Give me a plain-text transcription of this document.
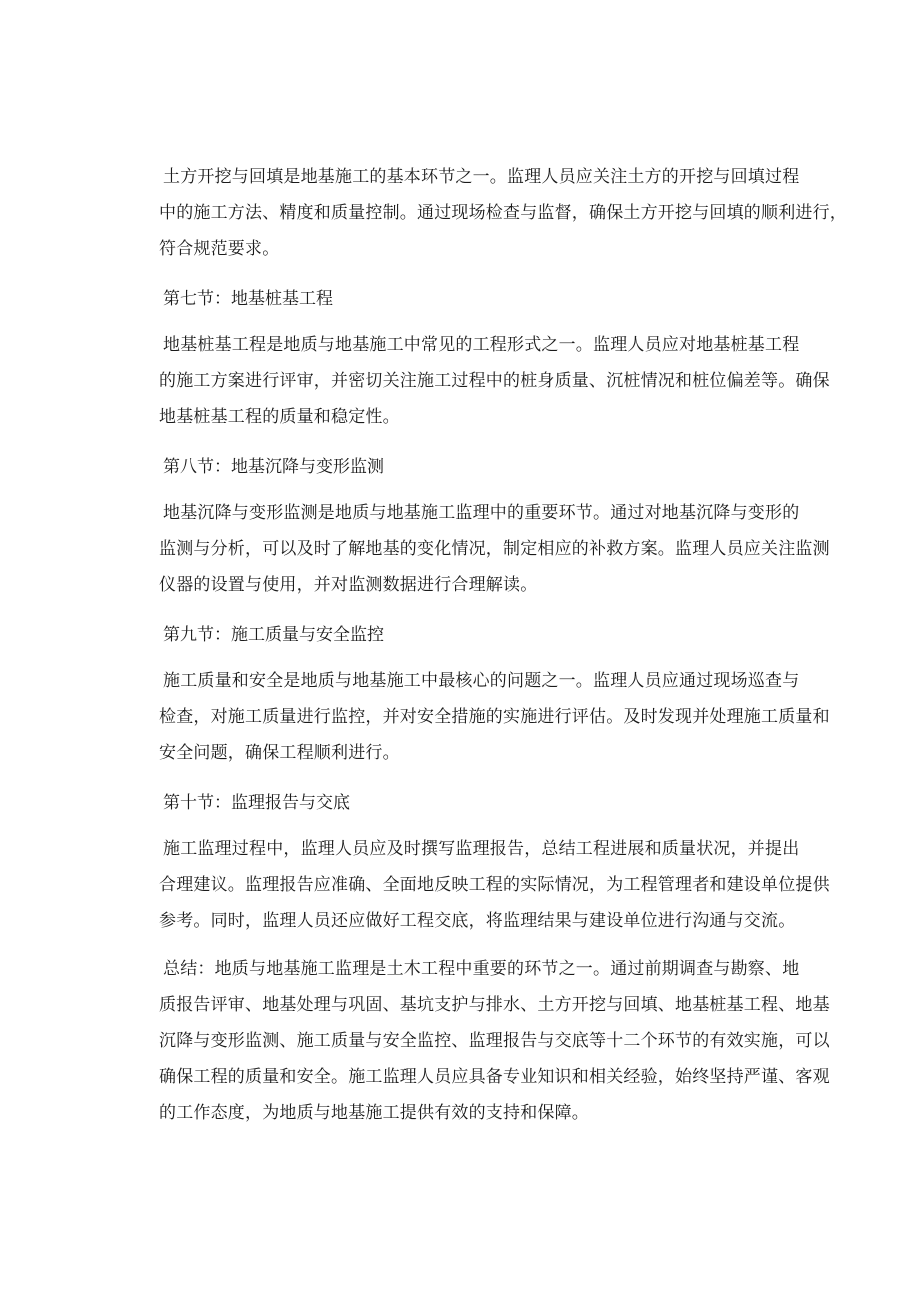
土方开挖与回填是地基施工的基本环节之一。监理人员应关注土方的开挖与回填过程
中的施工方法、精度和质量控制。通过现场检查与监督，确保土方开挖与回填的顺利进行，
符合规范要求。

第七节：地基桩基工程

地基桩基工程是地质与地基施工中常见的工程形式之一。监理人员应对地基桩基工程
的施工方案进行评审，并密切关注施工过程中的桩身质量、沉桩情况和桩位偏差等。确保
地基桩基工程的质量和稳定性。

第八节：地基沉降与变形监测

地基沉降与变形监测是地质与地基施工监理中的重要环节。通过对地基沉降与变形的
监测与分析，可以及时了解地基的变化情况，制定相应的补救方案。监理人员应关注监测
仪器的设置与使用，并对监测数据进行合理解读。

第九节：施工质量与安全监控

施工质量和安全是地质与地基施工中最核心的问题之一。监理人员应通过现场巡查与
检查，对施工质量进行监控，并对安全措施的实施进行评估。及时发现并处理施工质量和
安全问题，确保工程顺利进行。

第十节：监理报告与交底

施工监理过程中，监理人员应及时撰写监理报告，总结工程进展和质量状况，并提出
合理建议。监理报告应准确、全面地反映工程的实际情况，为工程管理者和建设单位提供
参考。同时，监理人员还应做好工程交底，将监理结果与建设单位进行沟通与交流。

总结：地质与地基施工监理是土木工程中重要的环节之一。通过前期调查与勘察、地
质报告评审、地基处理与巩固、基坑支护与排水、土方开挖与回填、地基桩基工程、地基
沉降与变形监测、施工质量与安全监控、监理报告与交底等十二个环节的有效实施，可以
确保工程的质量和安全。施工监理人员应具备专业知识和相关经验，始终坚持严谨、客观
的工作态度，为地质与地基施工提供有效的支持和保障。
